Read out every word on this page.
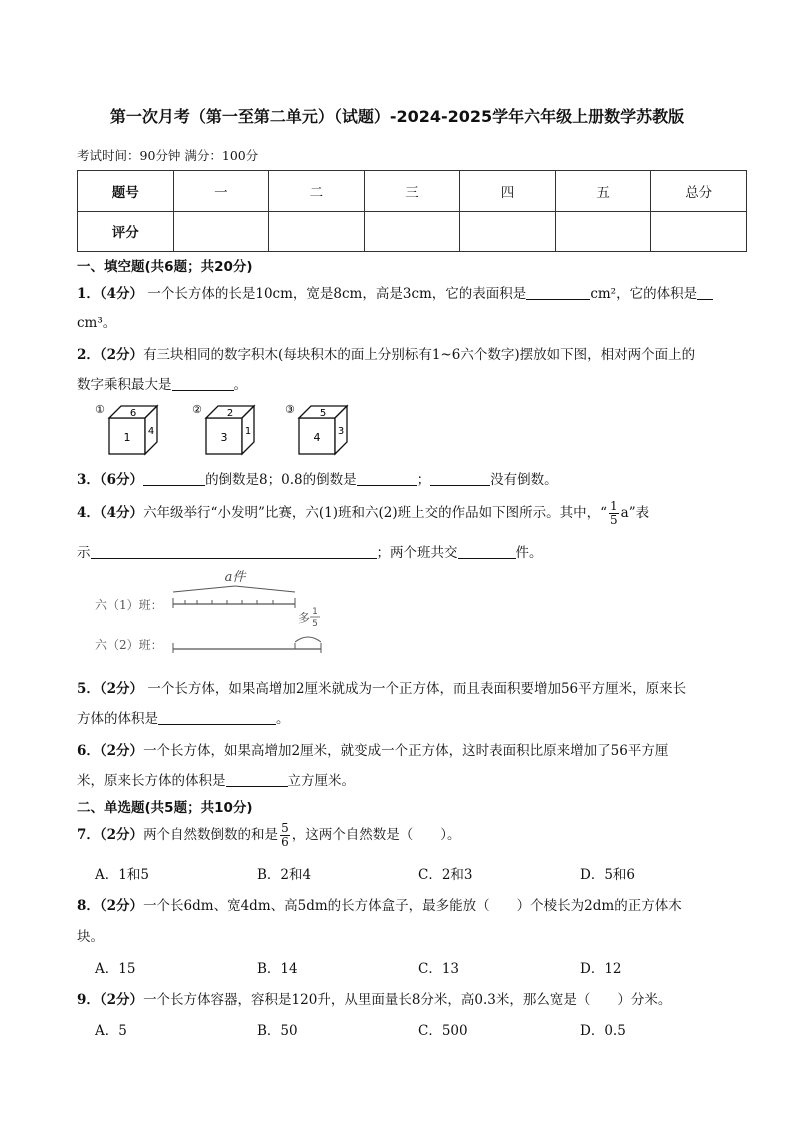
第一次月考（第一至第二单元）（试题）-2024-2025学年六年级上册数学苏教版
考试时间：90分钟 满分：100分
题号	一	二	三	四	五	总分
评分						
一、填空题(共6题；共20分)
1．（4分） 一个长方体的长是10cm，宽是8cm，高是3cm，它的表面积是	cm²，它的体积是
cm³。
2．（2分）有三块相同的数字积木(每块积木的面上分别标有1~6六个数字)摆放如下图，相对两个面上的
数字乘积最大是	。
① 6
1 4
② 2
3 1
③ 5
4 3
3．（6分）	的倒数是8；0.8的倒数是	；	没有倒数。
4．（4分）六年级举行“小发明”比赛，六(1)班和六(2)班上交的作品如下图所示。其中，“ $\frac{1}{5} a$”表
示	；两个班共交	件。
a件
六（1）班：
六（2）班：
多 1
5
5．（2分） 一个长方体，如果高增加2厘米就成为一个正方体，而且表面积要增加56平方厘米，原来长
方体的体积是	。
6．（2分）一个长方体，如果高增加2厘米，就变成一个正方体，这时表面积比原来增加了56平方厘
米，原来长方体的体积是	立方厘米。
二、单选题(共5题；共10分)
7．（2分）两个自然数倒数的和是 $\frac{5}{6}$ ，这两个自然数是（　　）。
A．1和5	B．2和4	C．2和3	D．5和6
8．（2分）一个长6dm、宽4dm、高5dm的长方体盒子，最多能放（　　）个棱长为2dm的正方体木
块。
A．15	B．14	C．13	D．12
9．（2分）一个长方体容器，容积是120升，从里面量长8分米，高0.3米，那么宽是（　　）分米。
A．5	B．50	C．500	D．0.5
